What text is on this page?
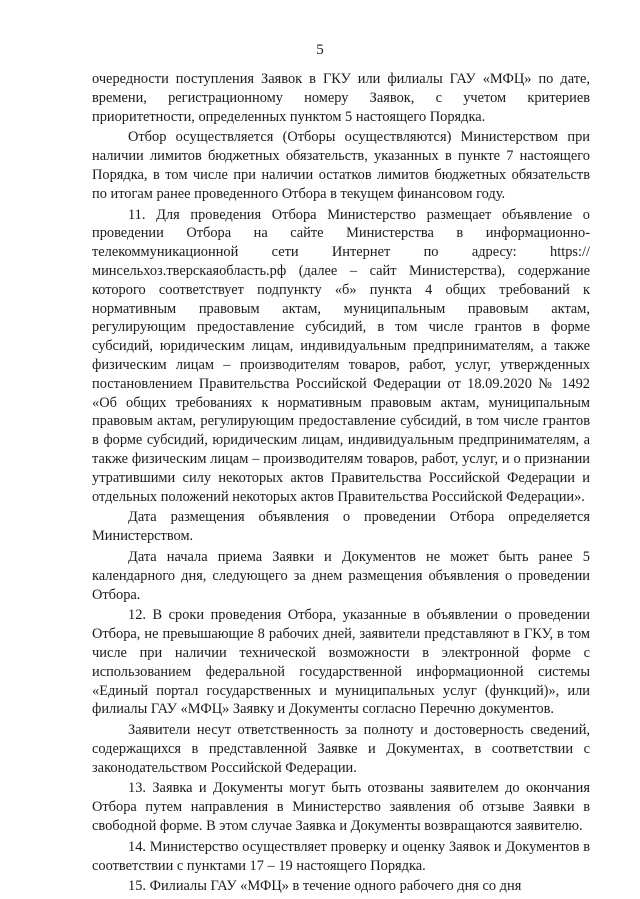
5

очередности поступления Заявок в ГКУ или филиалы ГАУ «МФЦ» по дате, времени, регистрационному номеру Заявок, с учетом критериев приоритетности, определенных пунктом 5 настоящего Порядка.

Отбор осуществляется (Отборы осуществляются) Министерством при наличии лимитов бюджетных обязательств, указанных в пункте 7 настоящего Порядка, в том числе при наличии остатков лимитов бюджетных обязательств по итогам ранее проведенного Отбора в текущем финансовом году.

11. Для проведения Отбора Министерство размещает объявление о проведении Отбора на сайте Министерства в информационно-телекоммуникационной сети Интернет по адресу: https://минсельхоз.тверскаяобласть.рф (далее – сайт Министерства), содержание которого соответствует подпункту «б» пункта 4 общих требований к нормативным правовым актам, муниципальным правовым актам, регулирующим предоставление субсидий, в том числе грантов в форме субсидий, юридическим лицам, индивидуальным предпринимателям, а также физическим лицам – производителям товаров, работ, услуг, утвержденных постановлением Правительства Российской Федерации от 18.09.2020 № 1492 «Об общих требованиях к нормативным правовым актам, муниципальным правовым актам, регулирующим предоставление субсидий, в том числе грантов в форме субсидий, юридическим лицам, индивидуальным предпринимателям, а также физическим лицам – производителям товаров, работ, услуг, и о признании утратившими силу некоторых актов Правительства Российской Федерации и отдельных положений некоторых актов Правительства Российской Федерации».

Дата размещения объявления о проведении Отбора определяется Министерством.

Дата начала приема Заявки и Документов не может быть ранее 5 календарного дня, следующего за днем размещения объявления о проведении Отбора.

12. В сроки проведения Отбора, указанные в объявлении о проведении Отбора, не превышающие 8 рабочих дней, заявители представляют в ГКУ, в том числе при наличии технической возможности в электронной форме с использованием федеральной государственной информационной системы «Единый портал государственных и муниципальных услуг (функций)», или филиалы ГАУ «МФЦ» Заявку и Документы согласно Перечню документов.

Заявители несут ответственность за полноту и достоверность сведений, содержащихся в представленной Заявке и Документах, в соответствии с законодательством Российской Федерации.

13. Заявка и Документы могут быть отозваны заявителем до окончания Отбора путем направления в Министерство заявления об отзыве Заявки в свободной форме. В этом случае Заявка и Документы возвращаются заявителю.

14. Министерство осуществляет проверку и оценку Заявок и Документов в соответствии с пунктами 17 – 19 настоящего Порядка.

15. Филиалы ГАУ «МФЦ» в течение одного рабочего дня со дня
